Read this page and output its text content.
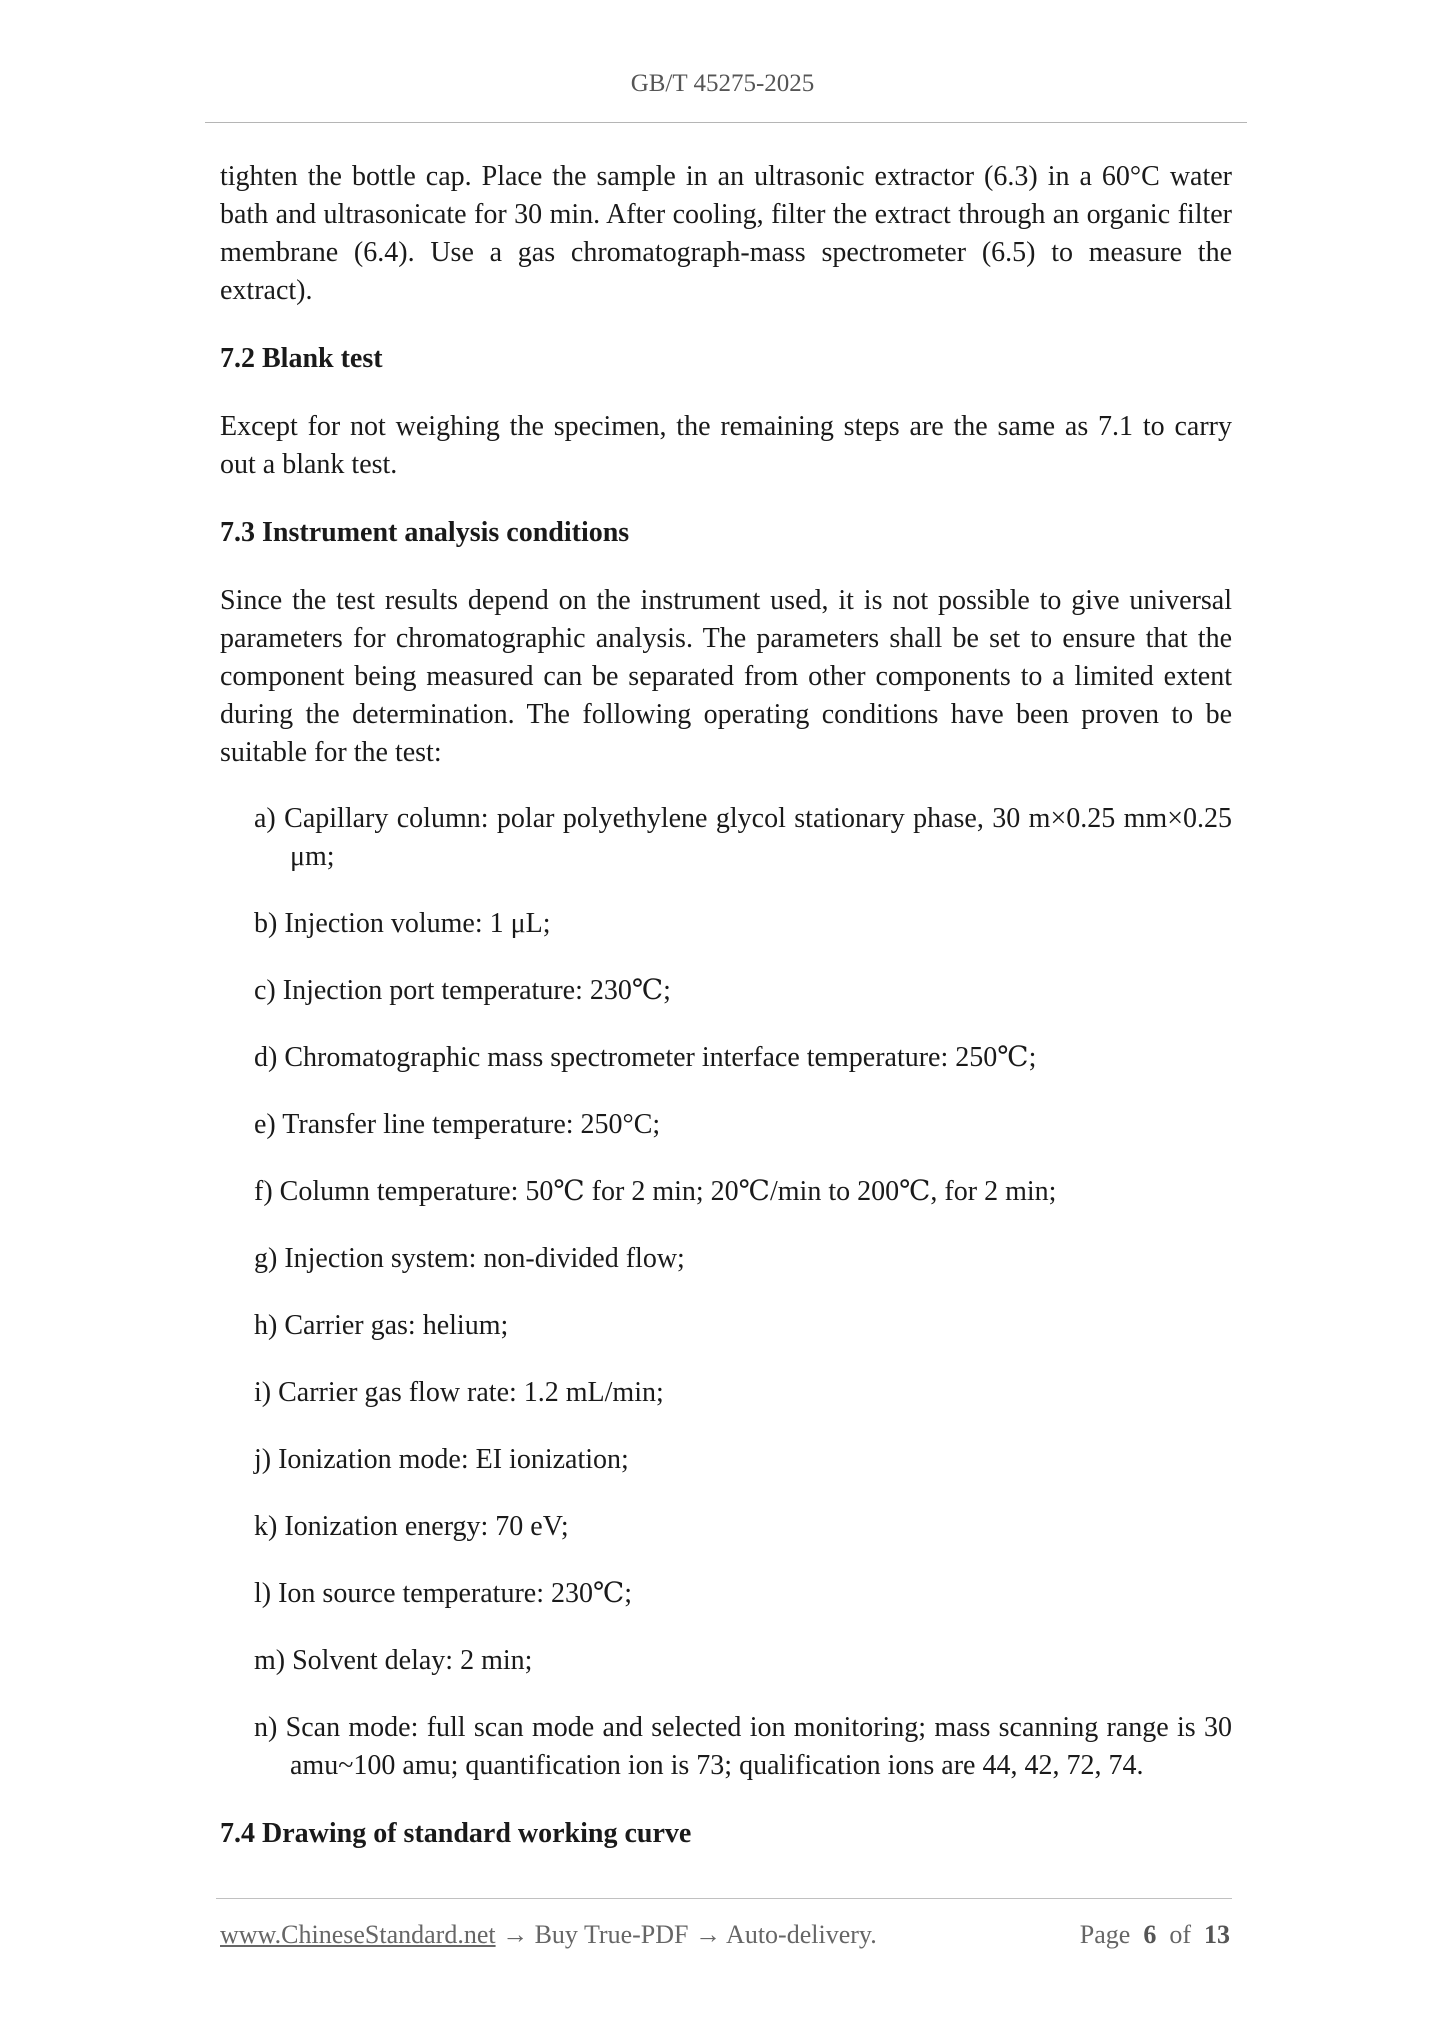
GB/T 45275-2025

tighten the bottle cap. Place the sample in an ultrasonic extractor (6.3) in a 60°C water bath and ultrasonicate for 30 min. After cooling, filter the extract through an organic filter membrane (6.4). Use a gas chromatograph-mass spectrometer (6.5) to measure the extract).

7.2 Blank test

Except for not weighing the specimen, the remaining steps are the same as 7.1 to carry out a blank test.

7.3 Instrument analysis conditions

Since the test results depend on the instrument used, it is not possible to give universal parameters for chromatographic analysis. The parameters shall be set to ensure that the component being measured can be separated from other components to a limited extent during the determination. The following operating conditions have been proven to be suitable for the test:

a) Capillary column: polar polyethylene glycol stationary phase, 30 m×0.25 mm×0.25 μm;
b) Injection volume: 1 μL;
c) Injection port temperature: 230℃;
d) Chromatographic mass spectrometer interface temperature: 250℃;
e) Transfer line temperature: 250°C;
f) Column temperature: 50℃ for 2 min; 20℃/min to 200℃, for 2 min;
g) Injection system: non-divided flow;
h) Carrier gas: helium;
i) Carrier gas flow rate: 1.2 mL/min;
j) Ionization mode: EI ionization;
k) Ionization energy: 70 eV;
l) Ion source temperature: 230℃;
m) Solvent delay: 2 min;
n) Scan mode: full scan mode and selected ion monitoring; mass scanning range is 30 amu~100 amu; quantification ion is 73; qualification ions are 44, 42, 72, 74.
7.4 Drawing of standard working curve
www.ChineseStandard.net → Buy True-PDF → Auto-delivery.	Page 6 of 13
